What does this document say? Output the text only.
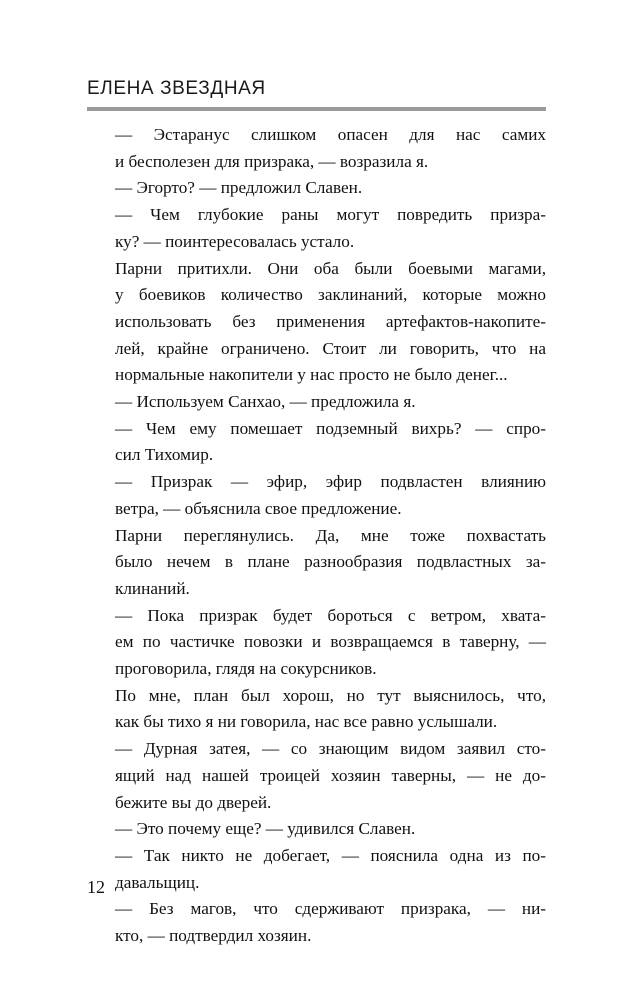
ЕЛЕНА ЗВЕЗДНАЯ

— Эстаранус слишком опасен для нас самих
и бесполезен для призрака, — возразила я.

— Эгорто? — предложил Славен.

— Чем глубокие раны могут повредить призра-
ку? — поинтересовалась устало.

Парни притихли. Они оба были боевыми магами,
у боевиков количество заклинаний, которые можно
использовать без применения артефактов-накопите-
лей, крайне ограничено. Стоит ли говорить, что на
нормальные накопители у нас просто не было денег...

— Используем Санхао, — предложила я.

— Чем ему помешает подземный вихрь? — спро-
сил Тихомир.

— Призрак — эфир, эфир подвластен влиянию
ветра, — объяснила свое предложение.

Парни переглянулись. Да, мне тоже похвастать
было нечем в плане разнообразия подвластных за-
клинаний.

— Пока призрак будет бороться с ветром, хвата-
ем по частичке повозки и возвращаемся в таверну, —
проговорила, глядя на сокурсников.

По мне, план был хорош, но тут выяснилось, что,
как бы тихо я ни говорила, нас все равно услышали.

— Дурная затея, — со знающим видом заявил сто-
ящий над нашей троицей хозяин таверны, — не до-
бежите вы до дверей.

— Это почему еще? — удивился Славен.

— Так никто не добегает, — пояснила одна из по-
давальщиц.

— Без магов, что сдерживают призрака, — ни-
кто, — подтвердил хозяин.

12
